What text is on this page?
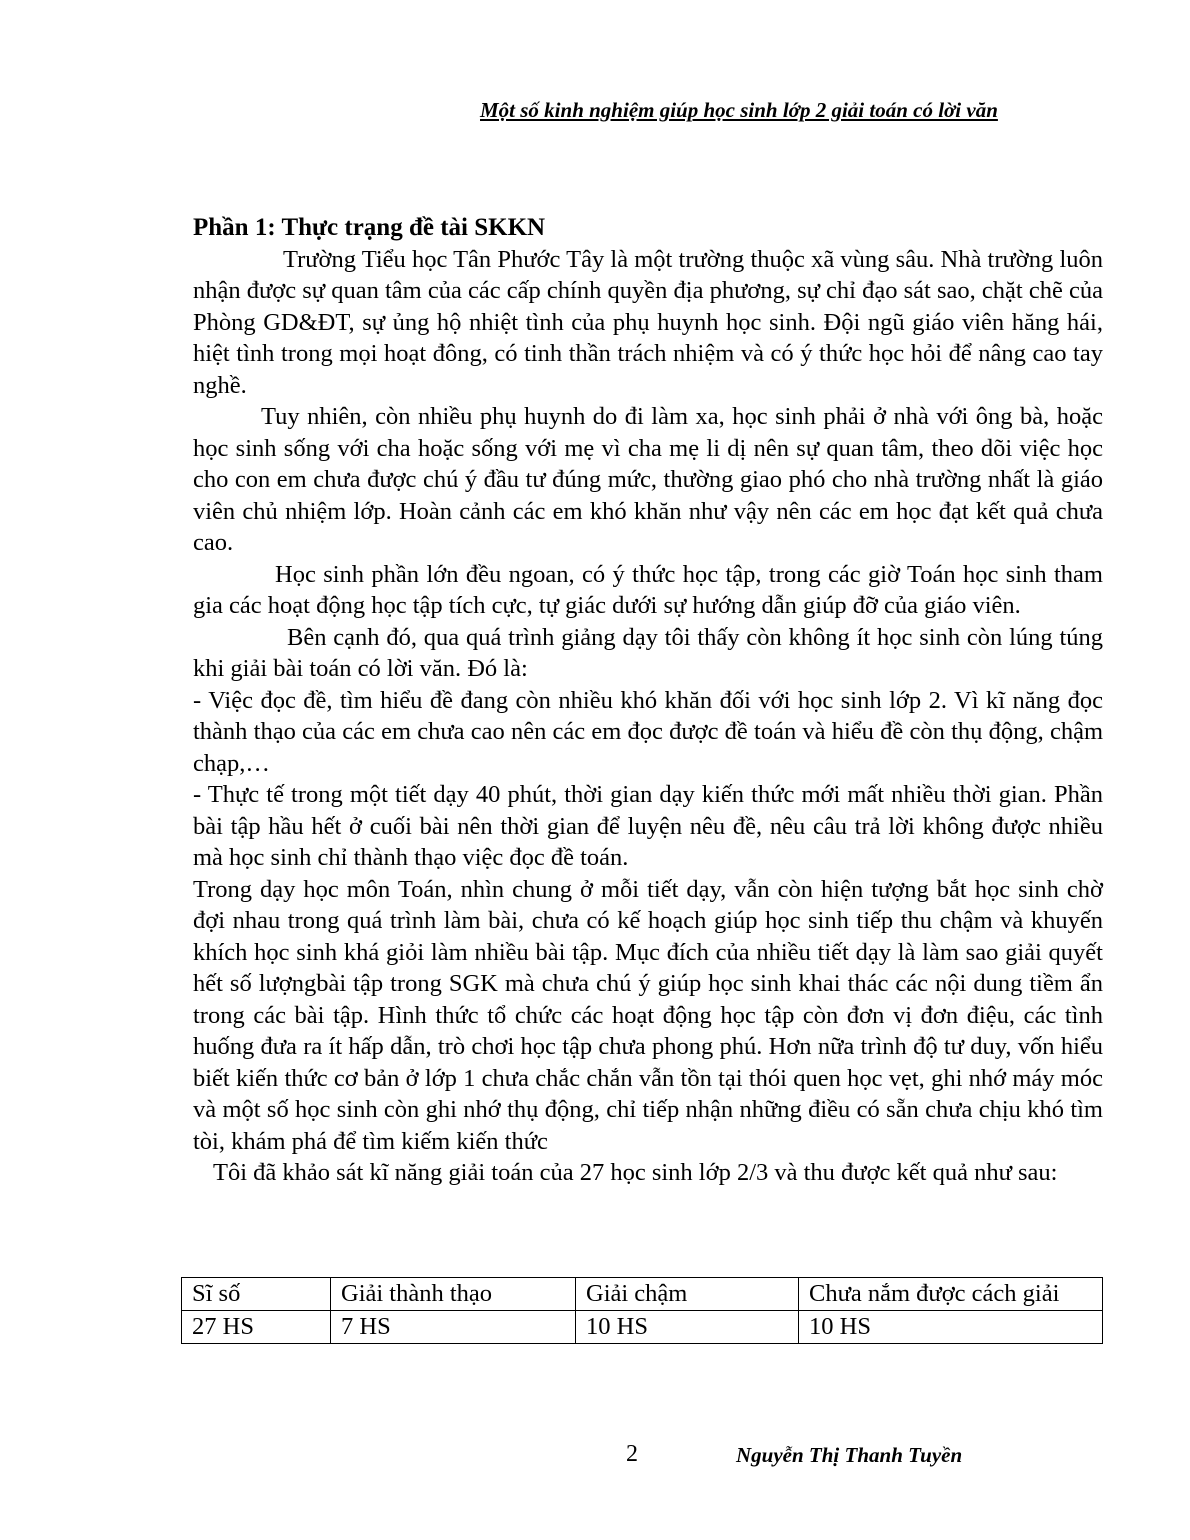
Một số kinh nghiệm giúp học sinh lớp 2 giải toán có lời văn

Phần 1: Thực trạng đề tài SKKN

Trường Tiểu học Tân Phước Tây là một trường thuộc xã vùng sâu. Nhà trường luôn nhận được sự quan tâm của các cấp chính quyền địa phương, sự chỉ đạo sát sao, chặt chẽ của Phòng GD&ĐT, sự ủng hộ nhiệt tình của phụ huynh học sinh. Đội ngũ giáo viên hăng hái, hiệt tình trong mọi hoạt đông, có tinh thần trách nhiệm và có ý thức học hỏi để nâng cao tay nghề.

Tuy nhiên, còn nhiều phụ huynh do đi làm xa, học sinh phải ở nhà với ông bà, hoặc học sinh sống với cha hoặc sống với mẹ vì cha mẹ li dị nên sự quan tâm, theo dõi việc học cho con em chưa được chú ý đầu tư đúng mức, thường giao phó cho nhà trường nhất là giáo viên chủ nhiệm lớp. Hoàn cảnh các em khó khăn như vậy nên các em học đạt kết quả chưa cao.

Học sinh phần lớn đều ngoan, có ý thức học tập, trong các giờ Toán học sinh tham gia các hoạt động học tập tích cực, tự giác dưới sự hướng dẫn giúp đỡ của giáo viên.

Bên cạnh đó, qua quá trình giảng dạy tôi thấy còn không ít học sinh còn lúng túng khi giải bài toán có lời văn. Đó là:

- Việc đọc đề, tìm hiểu đề đang còn nhiều khó khăn đối với học sinh lớp 2. Vì kĩ năng đọc thành thạo của các em chưa cao nên các em đọc được đề toán và hiểu đề còn thụ động, chậm chạp,…

- Thực tế trong một tiết dạy 40 phút, thời gian dạy kiến thức mới mất nhiều thời gian. Phần bài tập hầu hết ở cuối bài nên thời gian để luyện nêu đề, nêu câu trả lời không được nhiều mà học sinh chỉ thành thạo việc đọc đề toán.

Trong dạy học môn Toán, nhìn chung ở mỗi tiết dạy, vẫn còn hiện tượng bắt học sinh chờ đợi nhau trong quá trình làm bài, chưa có kế hoạch giúp học sinh tiếp thu chậm và khuyến khích học sinh khá giỏi làm nhiều bài tập. Mục đích của nhiều tiết dạy là làm sao giải quyết hết số lượngbài tập trong SGK mà chưa chú ý giúp học sinh khai thác các nội dung tiềm ẩn trong các bài tập. Hình thức tổ chức các hoạt động học tập còn đơn vị đơn điệu, các tình huống đưa ra ít hấp dẫn, trò chơi học tập chưa phong phú. Hơn nữa trình độ tư duy, vốn hiểu biết kiến thức cơ bản ở lớp 1 chưa chắc chắn vẫn tồn tại thói quen học vẹt, ghi nhớ máy móc và một số học sinh còn ghi nhớ thụ động, chỉ tiếp nhận những điều có sẵn chưa chịu khó tìm tòi, khám phá để tìm kiếm kiến thức

Tôi đã khảo sát kĩ năng giải toán của 27 học sinh lớp 2/3 và thu được kết quả như sau:

Sĩ số	Giải thành thạo	Giải chậm	Chưa nắm được cách giải
27 HS	7 HS	10 HS	10 HS
2	Nguyễn Thị Thanh Tuyền
